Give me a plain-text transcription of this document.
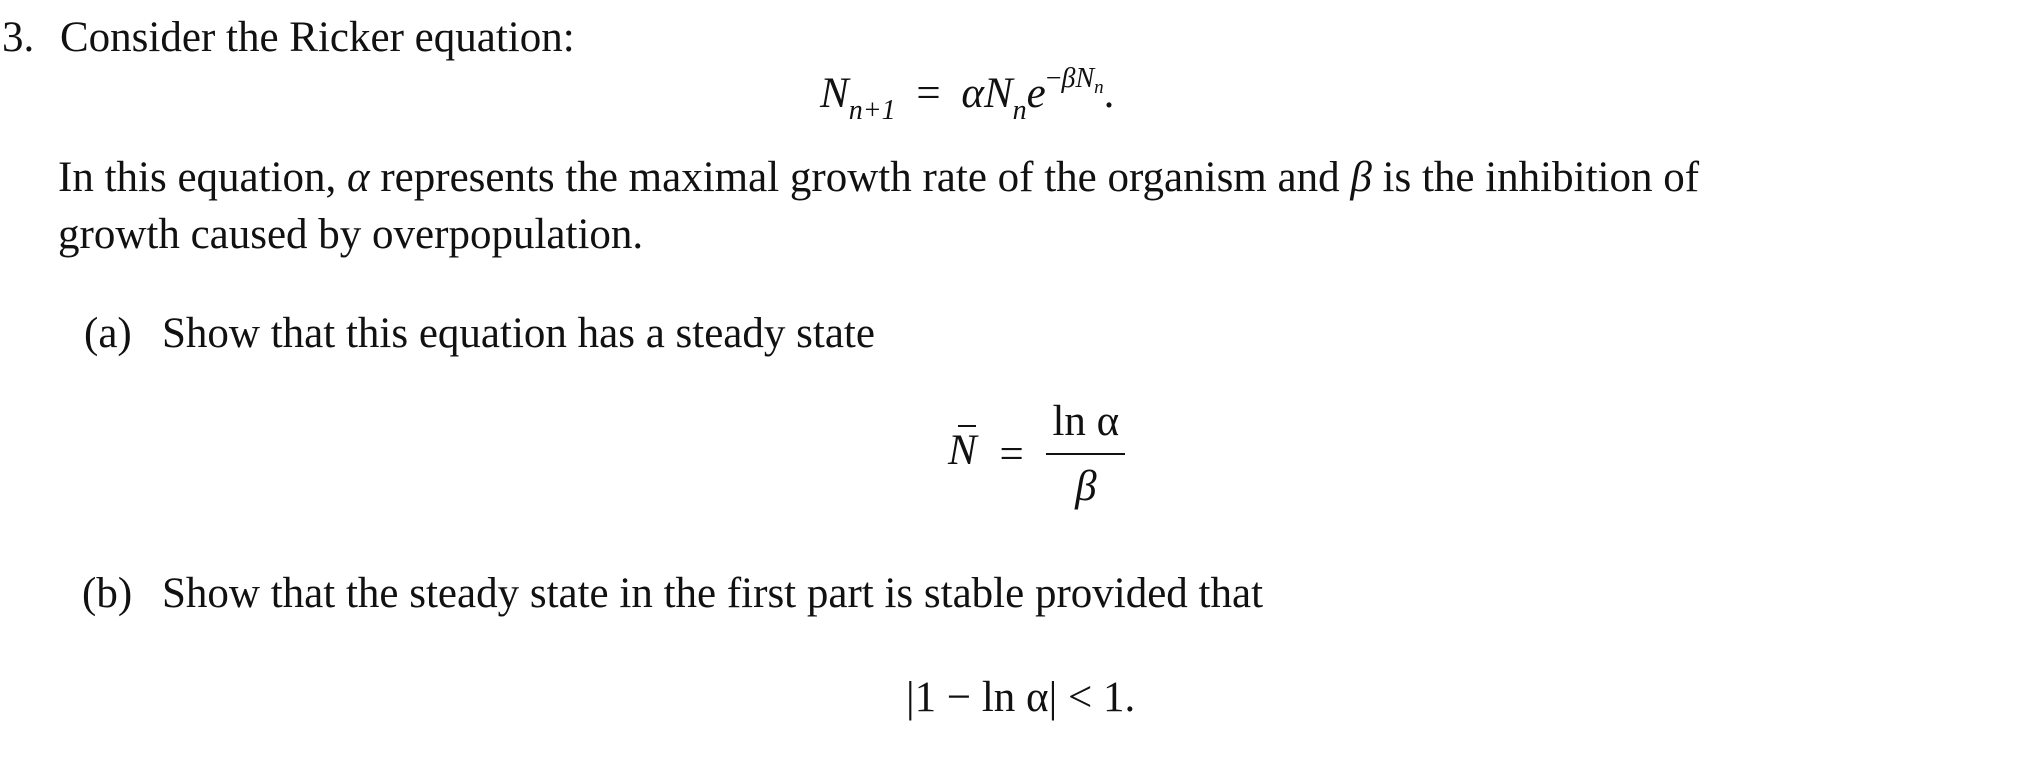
3. Consider the Ricker equation:
$N_{n+1} = \alpha N_ne^{-\beta N_n}$.
In this equation, α represents the maximal growth rate of the organism and β is the inhibition of
growth caused by overpopulation.
(a) Show that this equation has a steady state
$N = \frac{\text{ln α}}{\beta}$
(b) Show that the steady state in the first part is stable provided that
|1 − ln α| < 1.
